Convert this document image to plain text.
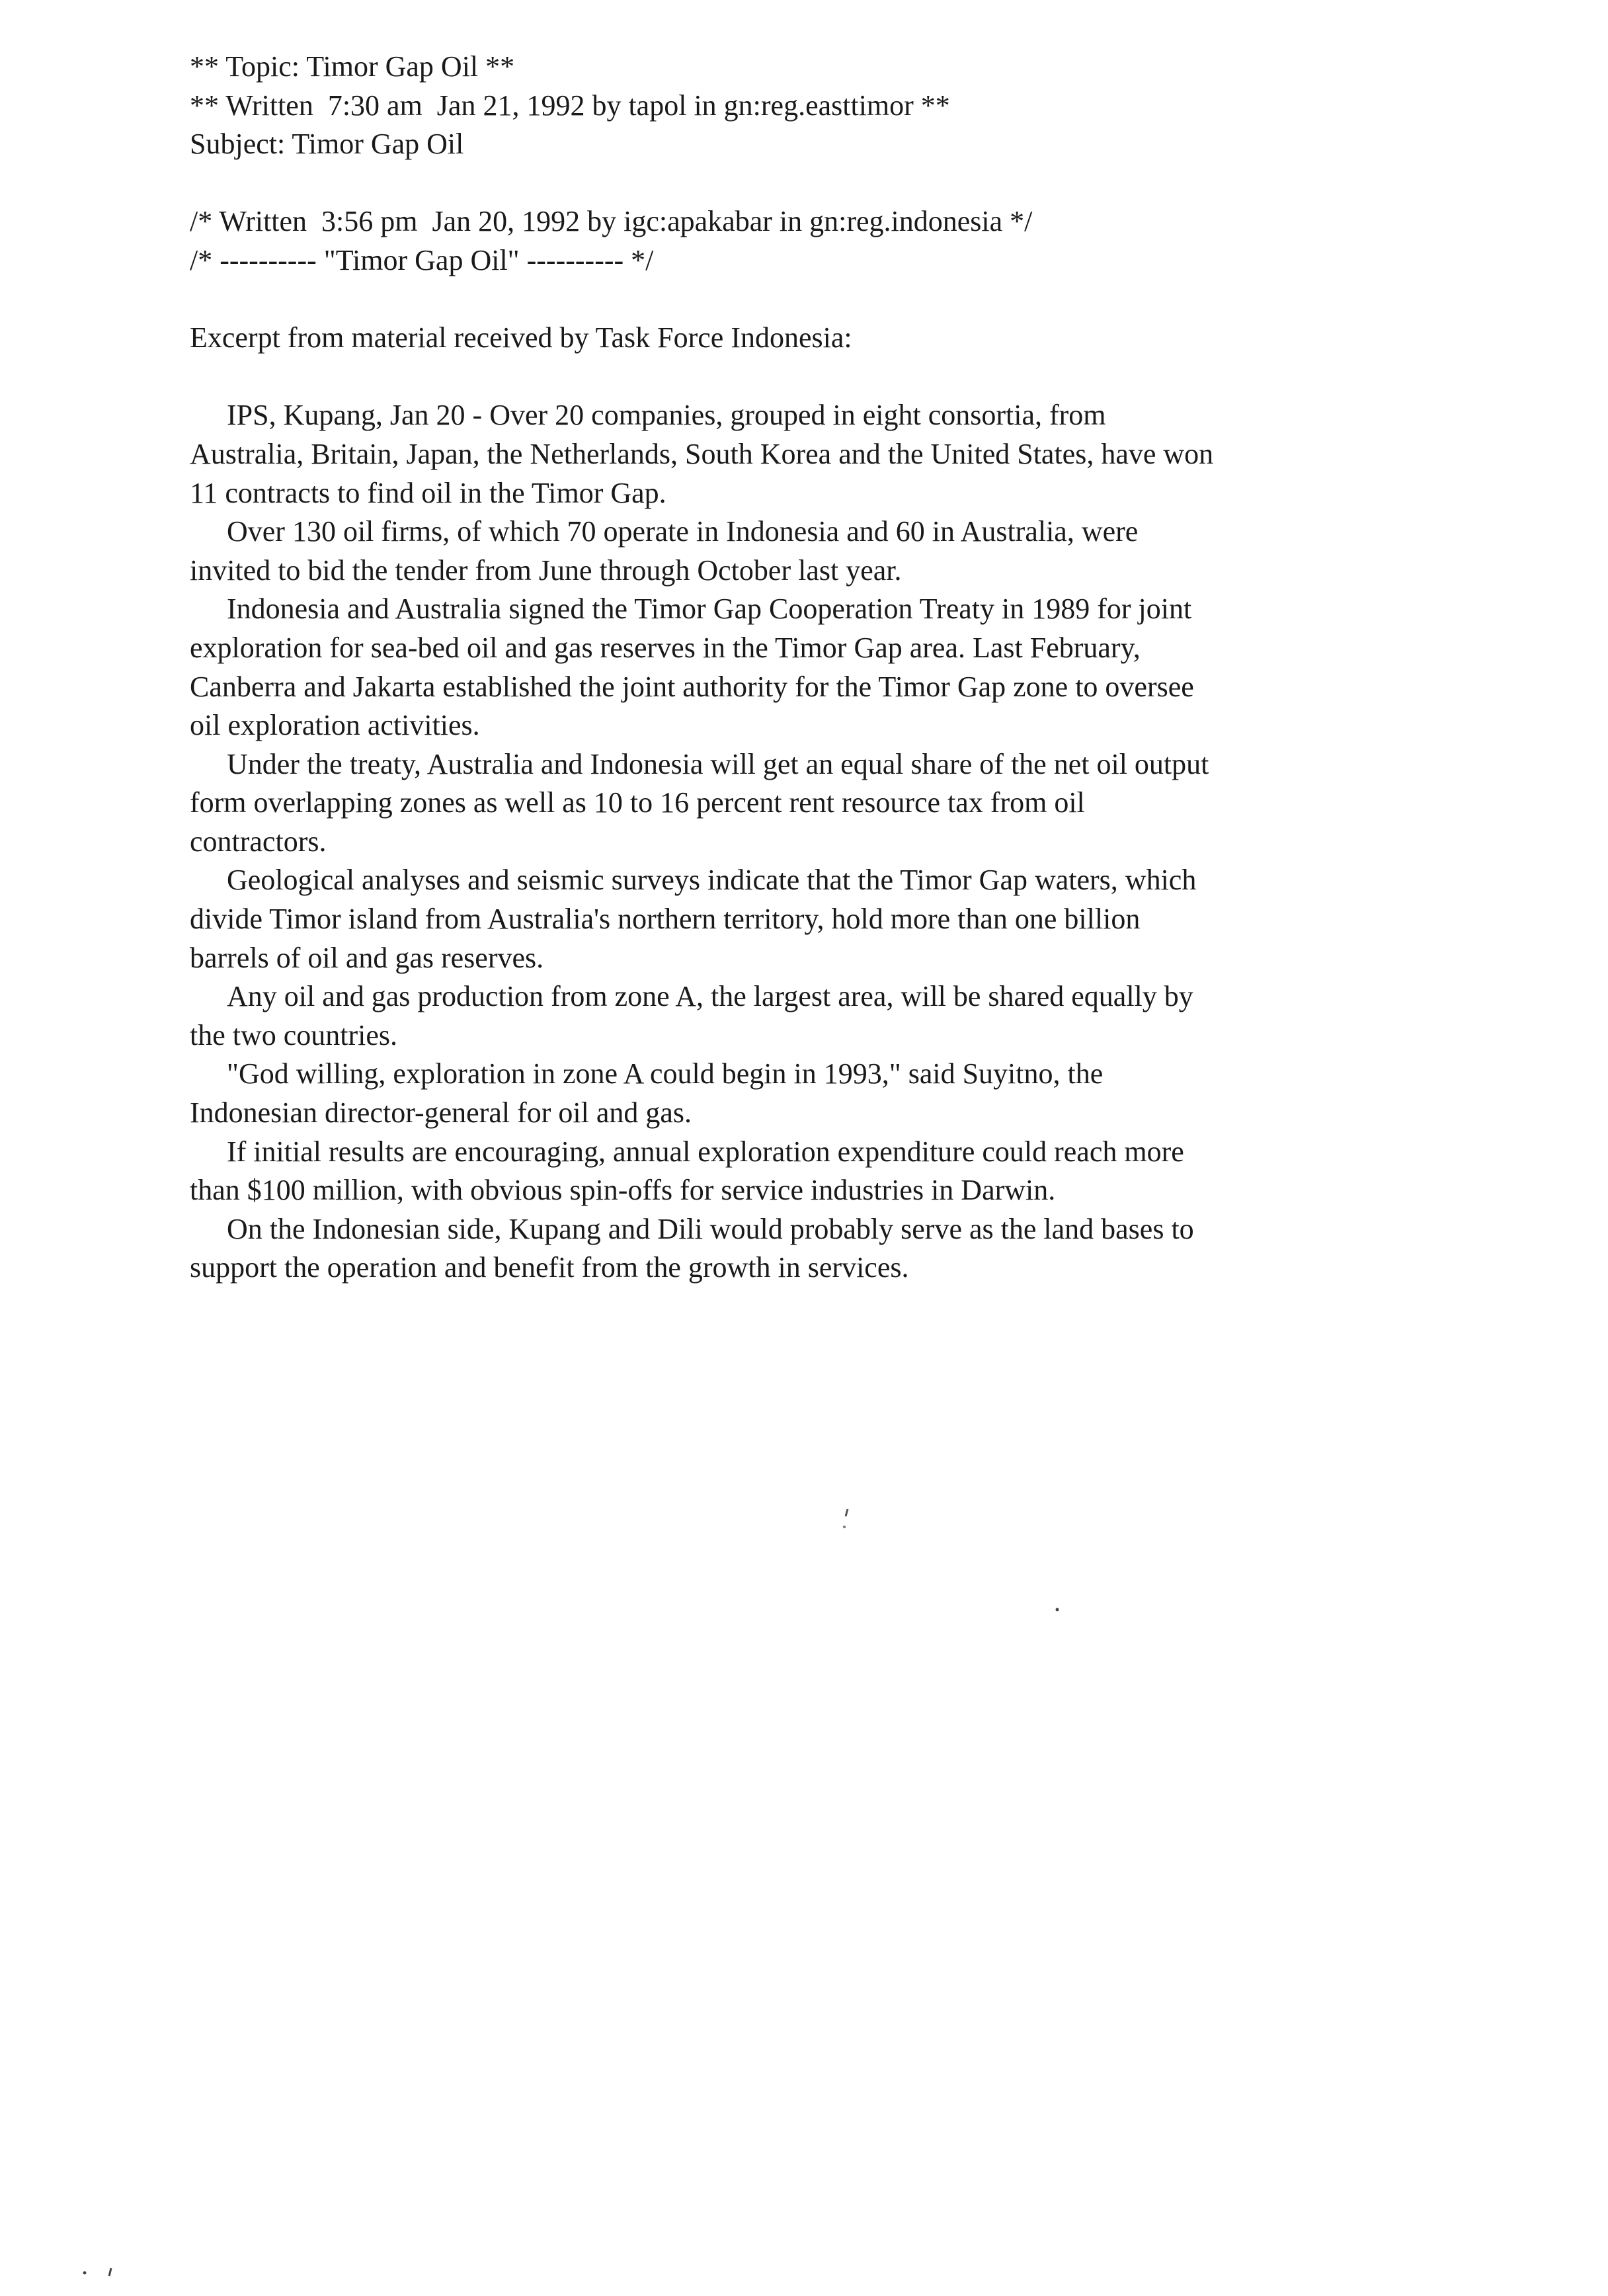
** Topic: Timor Gap Oil **
** Written  7:30 am  Jan 21, 1992 by tapol in gn:reg.easttimor **
Subject: Timor Gap Oil
/* Written  3:56 pm  Jan 20, 1992 by igc:apakabar in gn:reg.indonesia */
/* ---------- "Timor Gap Oil" ---------- */
Excerpt from material received by Task Force Indonesia:

IPS, Kupang, Jan 20 - Over 20 companies, grouped in eight consortia, from Australia, Britain, Japan, the Netherlands, South Korea and the United States, have won 11 contracts to find oil in the Timor Gap.

Over 130 oil firms, of which 70 operate in Indonesia and 60 in Australia, were invited to bid the tender from June through October last year.

Indonesia and Australia signed the Timor Gap Cooperation Treaty in 1989 for joint exploration for sea-bed oil and gas reserves in the Timor Gap area. Last February, Canberra and Jakarta established the joint authority for the Timor Gap zone to oversee oil exploration activities.

Under the treaty, Australia and Indonesia will get an equal share of the net oil output form overlapping zones as well as 10 to 16 percent rent resource tax from oil contractors.

Geological analyses and seismic surveys indicate that the Timor Gap waters, which divide Timor island from Australia's northern territory, hold more than one billion barrels of oil and gas reserves.

Any oil and gas production from zone A, the largest area, will be shared equally by the two countries.

"God willing, exploration in zone A could begin in 1993," said Suyitno, the Indonesian director-general for oil and gas.

If initial results are encouraging, annual exploration expenditure could reach more than $100 million, with obvious spin-offs for service industries in Darwin.

On the Indonesian side, Kupang and Dili would probably serve as the land bases to support the operation and benefit from the growth in services.
